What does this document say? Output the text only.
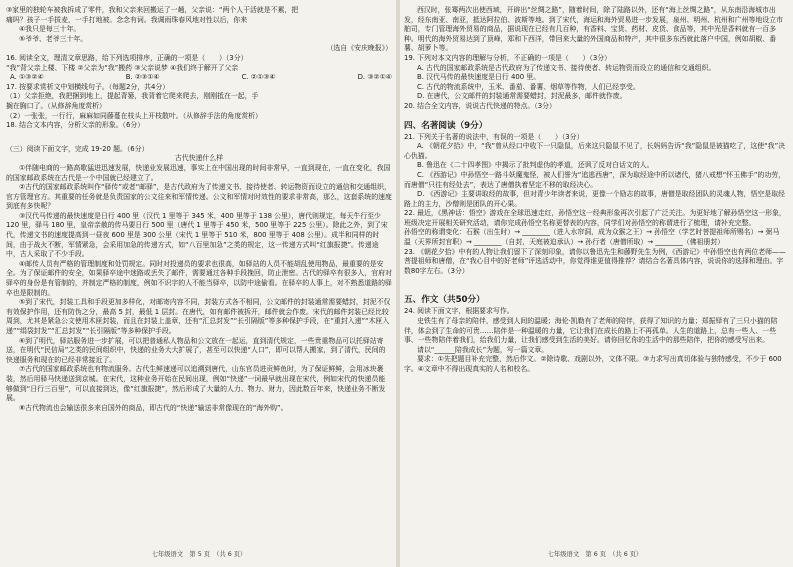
③家里的独轮车被我拆成了零件，我和父亲来回搬运了一趟，父亲说：“两个人干活就是不累，把

痛吗？孩子一手拔麦，一手打地被。念念有词。我调雨珠春风地对性以后，你来

④我只是每三十年。

⑤爷爷、老爷三十年。

（选自《安庆晚报》）

16. 阅读全文，理清文章思路，给下列选项排序，正确的一项是（　　）（3分）

“我”背父亲上楼、下楼 ②父亲为“我”搬药 ③父亲说梦 ④我们终于解开了父亲

A. ①③②④	B. ②③①④	C. ②①③④	D. ③②①④

17. 按要求赏析文中划横线句子。（每题2分，共4分）

（1）父亲拒绝，我把捆到地上，提起背篓，我背着它爬来爬去，刚刚抵在一起，手

搁在胸口了。（从修辞角度赏析）

（2）一张张，一行行，麻麻如同藤蔓在枝头上开枝散叶。（从修辞手法的角度赏析）

18. 结合文本内容，分析父亲的形象。（6分）

（三）阅读下面文字，完成 19-20 题。（6分）

古代快递什么样

①伴随电商的一路高歌猛进迅速发展，快递业发展迅速，事实上在中国出现的时间非常早，一直到现在，一直在变化，我国的国家邮政系统在古代是一个中国就已经建立了。

②古代的国家邮政系统叫作“驿传”或者“邮驿”，是古代政府为了传递文书、接待使者、转运物资而设立的通信和交通组织，官方管理官方。其重要的任务就是负责国家的公文往来和军情传递。公文和军情对时效性的要求非常高，那么，这套系统的速度到底有多快呢？

③汉代马传递的最快速度是日行 400 里（汉代 1 里等于 345 米，400 里等于 138 公里），唐代则规定，每天牛行至少 120 里，驿马 180 里，皇帝亲赦的传马要日行 500 里（唐代 1 里等于 450 米，500 里等于 225 公里）。除此之外，到了宋代，传递文书的速度提高到一昼夜 600 里是 300 公里（宋代 1 里等于 510 米，800 里等于 408 公里）。成半和同样的时间，由于战火不断，军情紧急，会采用加急的传递方式，如“八百里加急”之类的规定，这一传递方式叫“红旗报捷”。传递途中，古人采取了不少手段。

④邮传人员有严格的管理制度和处罚规定。同时对投递员的要求也很高，如驿站的人员不能胡乱使用物品，最重要的是安全。为了保证邮件的安全，如果驿卒途中迷路或丢失了邮件，需要通过各种手段挽回，防止泄密。古代的驿卒有很多人，官府对驿卒的身份是有管制的，并制定严格的制度，例如不识字的人不能当驿卒，以防中途偷看。在驿卒的人事上，对不熟悉道路的驿卒也是限制的。

⑤到了宋代，封装工具和手段更加多样化，对邮寄内容不同，封装方式各不相同，公文邮件的封装通常需要蜡封，封泥不仅有效保护作用，还有防伪之分，最高 5 封，最低 1 层封。在唐代，如有邮件被拆开，邮件就会作废。宋代的邮件封装已经比较周到，尤其是紧急公文使用木匣封装，而且在封装上盖章，还有“汇总封发”“长引隔版”等多种保护手段，在“重封入递”“木匣入递”“绢袋封发”“汇总封发”“长引隔版”等多种保护手段。

⑥到了明代，驿站服务进一步扩展，可以把普通私人物品和公文放在一起运，直到清代规定，一些贵重物品可以托驿站寄送，在明代“民信局”之类的民间组织中，快递的业务大大扩展了，甚至可以快递“人口”，即可以帮人搬家，到了清代，民间的快递服务和现在的已经非常接近了。

⑦古代的国家邮政系统也有物流服务。古代生鲜速递可以追溯到唐代，山东官员进贡鲜鱼时，为了保证鲜鲜，会用冰块裹装，然后用驿马快递送到京城。在宋代，这种业务开始在民间出现，例如“快递”一词最早就出现在宋代，例如宋代的快递员能够做到“日行三百里”，可以直接到达，像“红旗报捷”，然后形成了大量的人力、物力、财力，因此数百年来，快递业务不断发展。

⑧古代物流也会输送很多来自国外的商品，即古代的“快递”输送非常像现在的“海外购”。

七年级语文　第 5 页　（共 6 页）

西汉时，张骞两次出使西域，开辟出“丝绸之路”，随着时间，除了陆路以外，还有“海上丝绸之路”，从东南沿海城市出发，经东南亚、南亚，抵达阿拉伯、波斯等地。到了宋代，海运和海外贸易进一步发展，泉州、明州、杭州和广州等地设立市舶司，专门管理海外贸易的商品，据说现在已经有几百种，有香料、宝货、药材、皮货、食品等，其中光是香料就有一百多种。明代的海外贸易达到了顶峰，郑和下西洋，带回来大量的外国商品和特产，其中很多东西就此落户中国，例如胡椒、番薯、胡萝卜等。

19. 下列对本文内容的理解与分析，不正确的一项是（　　）（3分）

A. 古代的国家邮政系统是古代政府为了传递文书、接待使者、转运物资而设立的通信和交通组织。

B. 汉代马传的最快速度是日行 400 里。

C. 古代的物流系统中，玉米、番茄、番薯、烟草等作物，人们已经享受。

D. 在唐代，公文邮件的封装通常需要蜡封，封泥最多，邮件就作废。

20. 结合全文内容，说说古代快递的特点。（3分）

四、名著阅读（9分）

21. 下列关于名著的说法中，有误的一项是（　　）（3分）

A. 《朝花夕拾》中，“我”曾从经口中收下一只隐鼠，后来这只隐鼠不见了，长妈妈告诉“我”隐鼠是被猫吃了，这使“我”决心仇猫。

B. 鲁迅在《二十四孝图》中揭示了批判虚伪的孝道，还讽了反对白话文的人。

C. 《西游记》中孙悟空一路斗妖魔鬼怪，被人们誉为“追逃西唐”，深为取经途中所以诸代，猪八戒想“怀玉佛手”的功劳，而唐僧“只往有经处去”，表达了唐僧执着坚定不移的取经决心。

D. 《西游记》主要讲取经的故事，但对青少年读者来说，更像一个励志的故事，唐僧是取经团队的灵魂人物，悟空是取经路上的主力，沙僧则是团队的开心果。

22. 最近，《黑神话：悟空》游戏在全球迅速走红，孙悟空这一经典形象再次引起了广泛关注。为更好地了解孙悟空这一形象，班级决定开展相关研究活动，请你完成孙悟空名称更替表的内容，同学们对孙悟空的称谓进行了梳理，请补充完整。

孙悟空的称谓变化：石猴（出生时）→ ________（进入水帘洞，成为众猴之王）→ 孙悟空（学艺时菩提祖师所赐名）→ 弼马温（天界所封官职）→ ________（自封，天庭被迫承认）→ 孙行者（唐僧所取）→ ________（佛祖册封）

23. 《朝花夕拾》中有的人物让我们留下了深刻印象，请你以鲁迅先生和藤野先生为例，《西游记》中孙悟空也有两位老师——菩提祖师和唐僧，在“我心目中的好老师”评选活动中，你觉得谁更值得推荐？请结合名著具体内容，说说你的选择和理由。字数80字左右。（3分）

五、作文（共50分）

24. 阅读下面文字，根据要求写作。

史铁生有了母亲的陪伴，感受到人间的温暖；海伦·凯勒有了老师的陪伴，获得了知识的力量；郑振铎有了三只小猫的陪伴，体会到了生命的可贵……陪伴是一种温暖的力量，它让我们在成长的路上不再孤单。人生的道路上，总有一些人、一些事、一些物陪伴着我们，给我们力量，让我们感受到生活的美好。请你回忆你的生活中的那些陪伴，把你的感受写出来。

请以“______陪我成长”为题，写一篇文章。

要求：①先把题目补充完整，然后作文。②除诗歌、戏剧以外，文体不限。③力求写出真切体验与独特感受，不少于 600 字。④文章中不得出现真实的人名和校名。

七年级语文　第 6 页　（共 6 页）
